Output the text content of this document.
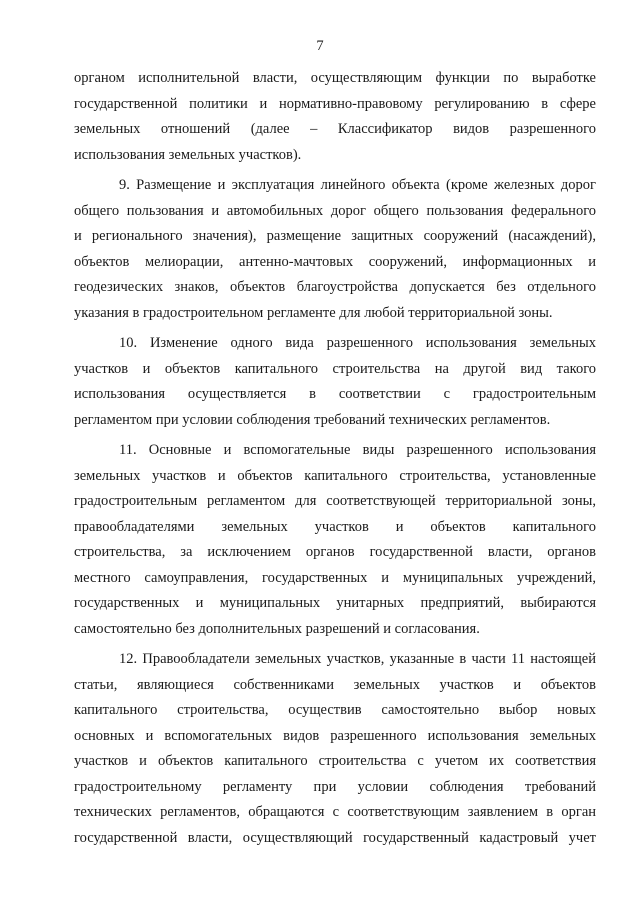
7
органом исполнительной власти, осуществляющим функции по выработке
государственной политики и нормативно-правовому регулированию в сфере
земельных отношений (далее – Классификатор видов разрешенного
использования земельных участков).
9. Размещение и эксплуатация линейного объекта (кроме железных дорог
общего пользования и автомобильных дорог общего пользования федерального
и регионального значения), размещение защитных сооружений (насаждений),
объектов мелиорации, антенно-мачтовых сооружений, информационных и
геодезических знаков, объектов благоустройства допускается без отдельного
указания в градостроительном регламенте для любой территориальной зоны.
10. Изменение одного вида разрешенного использования земельных
участков и объектов капитального строительства на другой вид такого
использования осуществляется в соответствии с градостроительным
регламентом при условии соблюдения требований технических регламентов.
11. Основные и вспомогательные виды разрешенного использования
земельных участков и объектов капитального строительства, установленные
градостроительным регламентом для соответствующей территориальной зоны,
правообладателями земельных участков и объектов капитального
строительства, за исключением органов государственной власти, органов
местного самоуправления, государственных и муниципальных учреждений,
государственных и муниципальных унитарных предприятий, выбираются
самостоятельно без дополнительных разрешений и согласования.
12. Правообладатели земельных участков, указанные в части 11 настоящей
статьи, являющиеся собственниками земельных участков и объектов
капитального строительства, осуществив самостоятельно выбор новых
основных и вспомогательных видов разрешенного использования земельных
участков и объектов капитального строительства с учетом их соответствия
градостроительному регламенту при условии соблюдения требований
технических регламентов, обращаются с соответствующим заявлением в орган
государственной власти, осуществляющий государственный кадастровый учет
